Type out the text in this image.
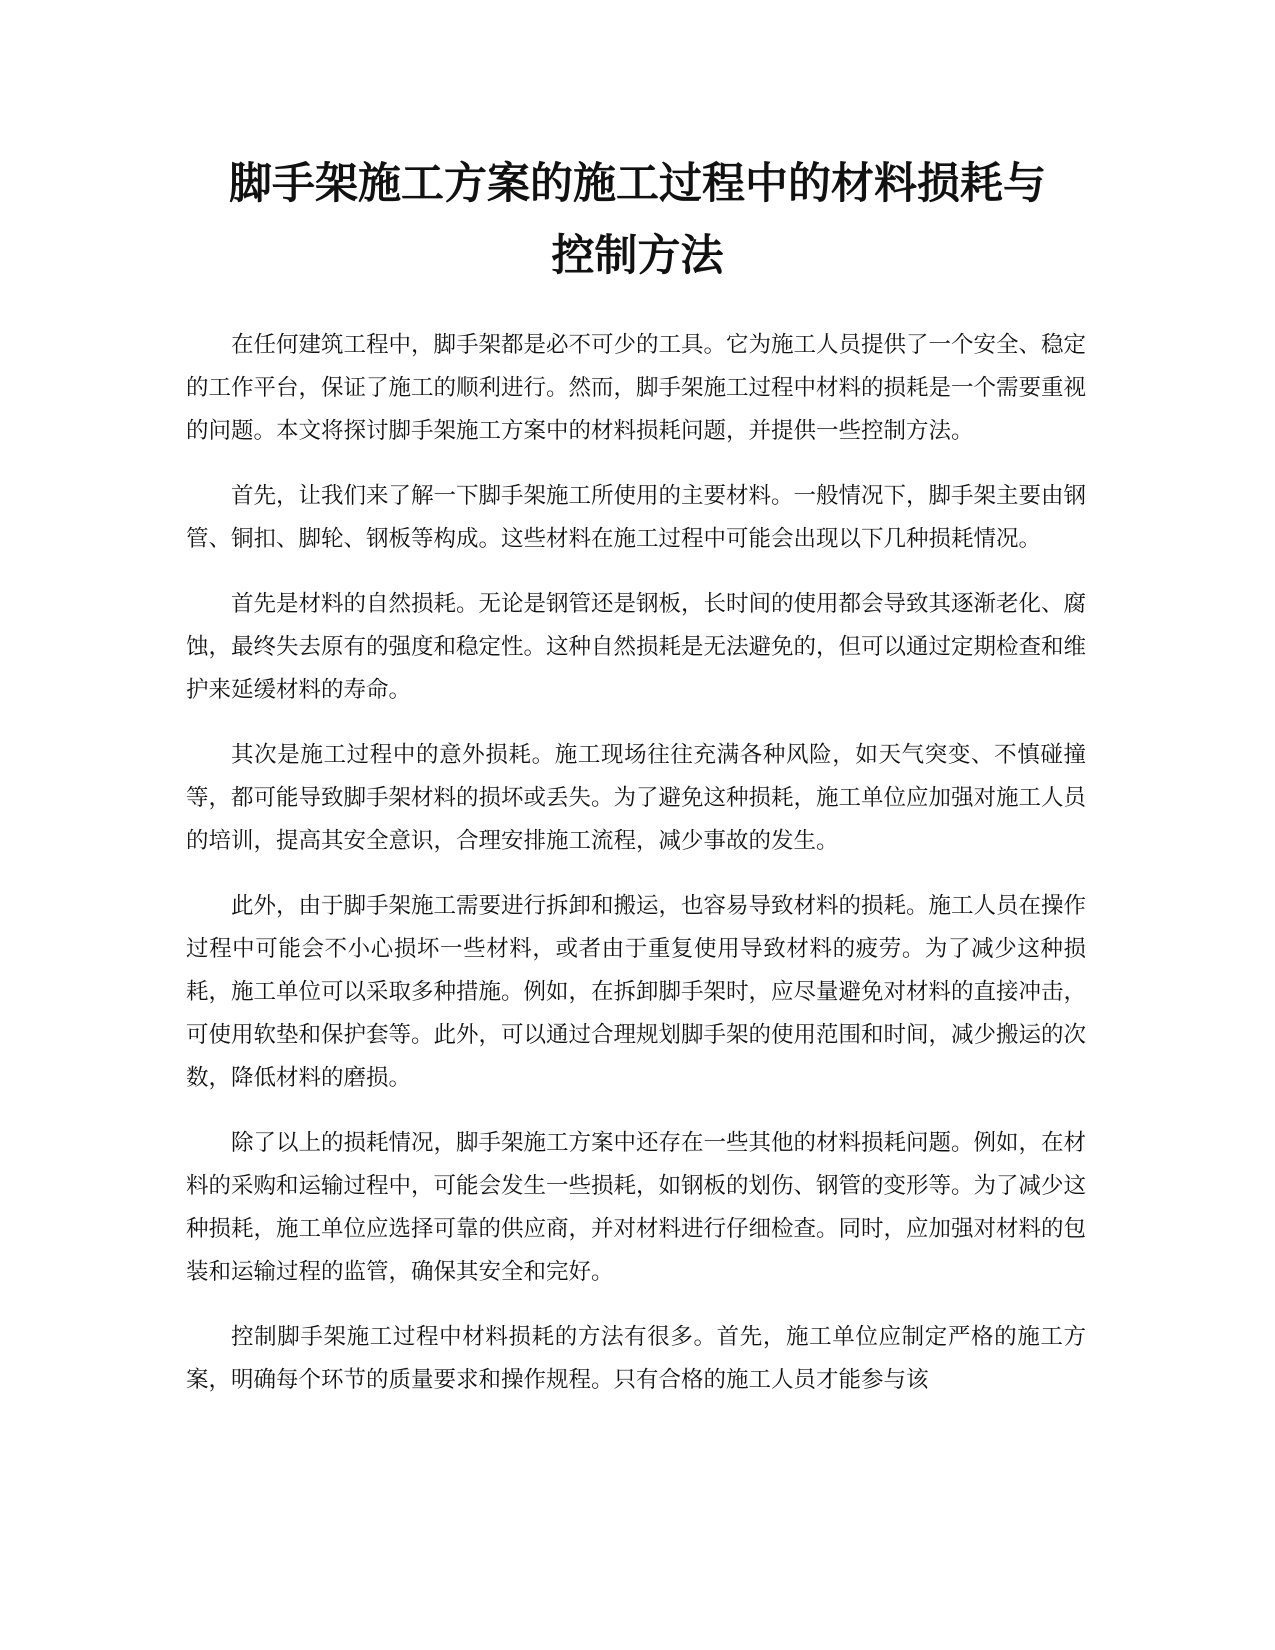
脚手架施工方案的施工过程中的材料损耗与
控制方法

在任何建筑工程中，脚手架都是必不可少的工具。它为施工人员提供了一个安全、稳定的工作平台，保证了施工的顺利进行。然而，脚手架施工过程中材料的损耗是一个需要重视的问题。本文将探讨脚手架施工方案中的材料损耗问题，并提供一些控制方法。

首先，让我们来了解一下脚手架施工所使用的主要材料。一般情况下，脚手架主要由钢管、铜扣、脚轮、钢板等构成。这些材料在施工过程中可能会出现以下几种损耗情况。

首先是材料的自然损耗。无论是钢管还是钢板，长时间的使用都会导致其逐渐老化、腐蚀，最终失去原有的强度和稳定性。这种自然损耗是无法避免的，但可以通过定期检查和维护来延缓材料的寿命。

其次是施工过程中的意外损耗。施工现场往往充满各种风险，如天气突变、不慎碰撞等，都可能导致脚手架材料的损坏或丢失。为了避免这种损耗，施工单位应加强对施工人员的培训，提高其安全意识，合理安排施工流程，减少事故的发生。

此外，由于脚手架施工需要进行拆卸和搬运，也容易导致材料的损耗。施工人员在操作过程中可能会不小心损坏一些材料，或者由于重复使用导致材料的疲劳。为了减少这种损耗，施工单位可以采取多种措施。例如，在拆卸脚手架时，应尽量避免对材料的直接冲击，可使用软垫和保护套等。此外，可以通过合理规划脚手架的使用范围和时间，减少搬运的次数，降低材料的磨损。

除了以上的损耗情况，脚手架施工方案中还存在一些其他的材料损耗问题。例如，在材料的采购和运输过程中，可能会发生一些损耗，如钢板的划伤、钢管的变形等。为了减少这种损耗，施工单位应选择可靠的供应商，并对材料进行仔细检查。同时，应加强对材料的包装和运输过程的监管，确保其安全和完好。

控制脚手架施工过程中材料损耗的方法有很多。首先，施工单位应制定严格的施工方案，明确每个环节的质量要求和操作规程。只有合格的施工人员才能参与该
